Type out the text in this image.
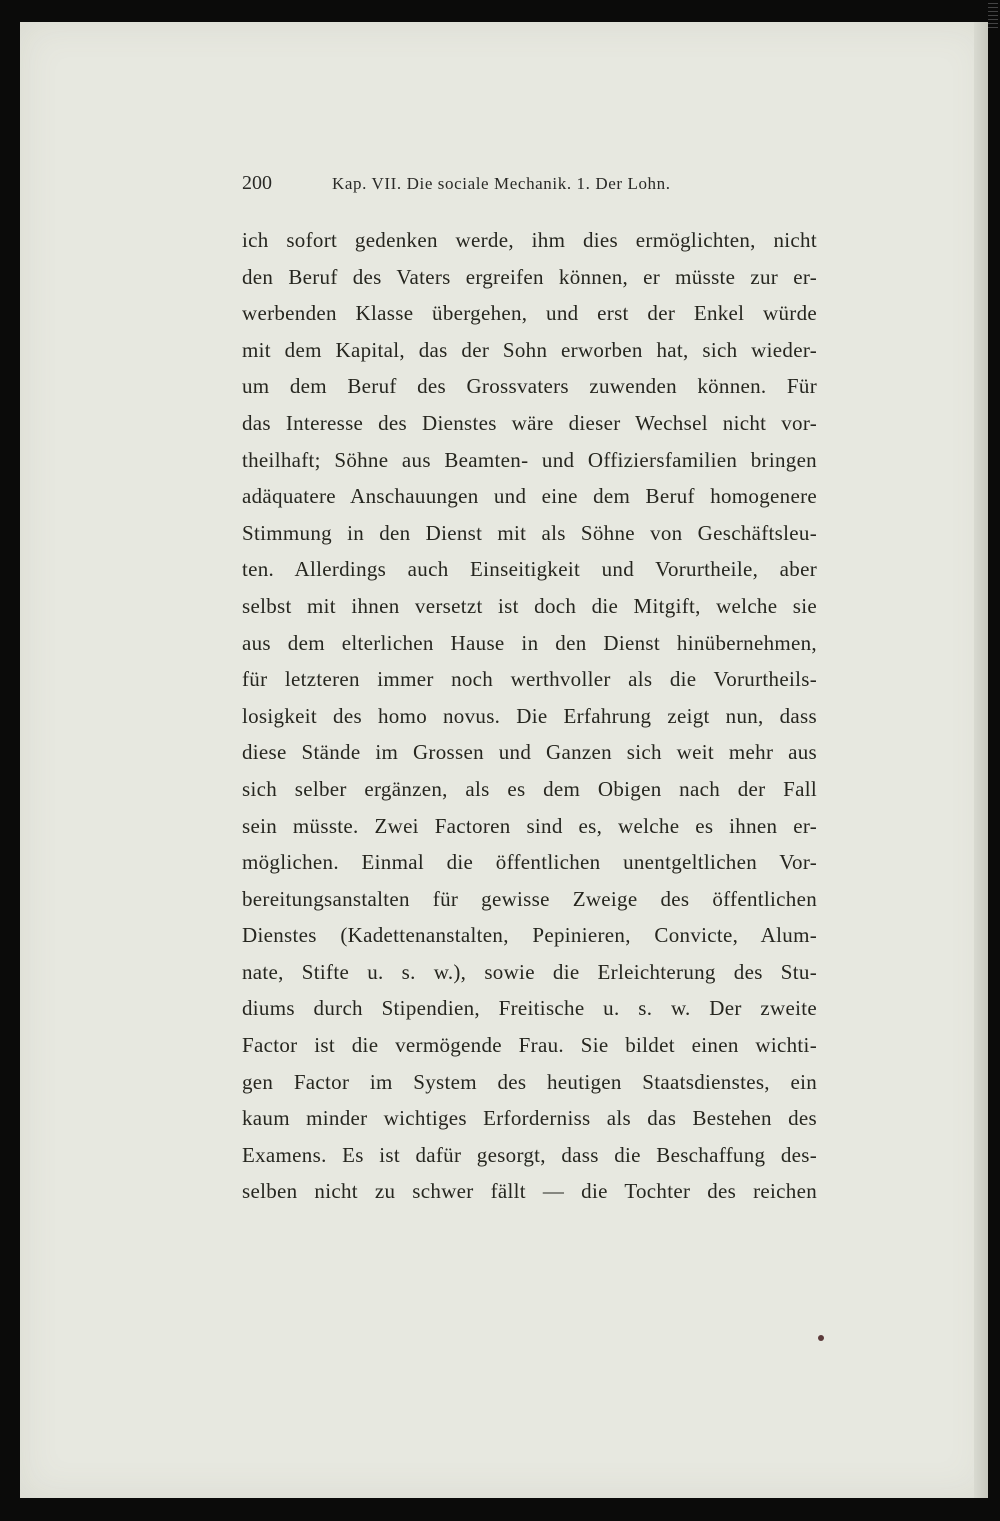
200	Kap. VII. Die sociale Mechanik. 1. Der Lohn.
ich sofort gedenken werde, ihm dies ermöglichten, nicht
den Beruf des Vaters ergreifen können, er müsste zur er-
werbenden Klasse übergehen, und erst der Enkel würde
mit dem Kapital, das der Sohn erworben hat, sich wieder-
um dem Beruf des Grossvaters zuwenden können. Für
das Interesse des Dienstes wäre dieser Wechsel nicht vor-
theilhaft; Söhne aus Beamten- und Offiziersfamilien bringen
adäquatere Anschauungen und eine dem Beruf homogenere
Stimmung in den Dienst mit als Söhne von Geschäftsleu-
ten. Allerdings auch Einseitigkeit und Vorurtheile, aber
selbst mit ihnen versetzt ist doch die Mitgift, welche sie
aus dem elterlichen Hause in den Dienst hinübernehmen,
für letzteren immer noch werthvoller als die Vorurtheils-
losigkeit des homo novus. Die Erfahrung zeigt nun, dass
diese Stände im Grossen und Ganzen sich weit mehr aus
sich selber ergänzen, als es dem Obigen nach der Fall
sein müsste. Zwei Factoren sind es, welche es ihnen er-
möglichen. Einmal die öffentlichen unentgeltlichen Vor-
bereitungsanstalten für gewisse Zweige des öffentlichen
Dienstes (Kadettenanstalten, Pepinieren, Convicte, Alum-
nate, Stifte u. s. w.), sowie die Erleichterung des Stu-
diums durch Stipendien, Freitische u. s. w. Der zweite
Factor ist die vermögende Frau. Sie bildet einen wichti-
gen Factor im System des heutigen Staatsdienstes, ein
kaum minder wichtiges Erforderniss als das Bestehen des
Examens. Es ist dafür gesorgt, dass die Beschaffung des-
selben nicht zu schwer fällt — die Tochter des reichen
